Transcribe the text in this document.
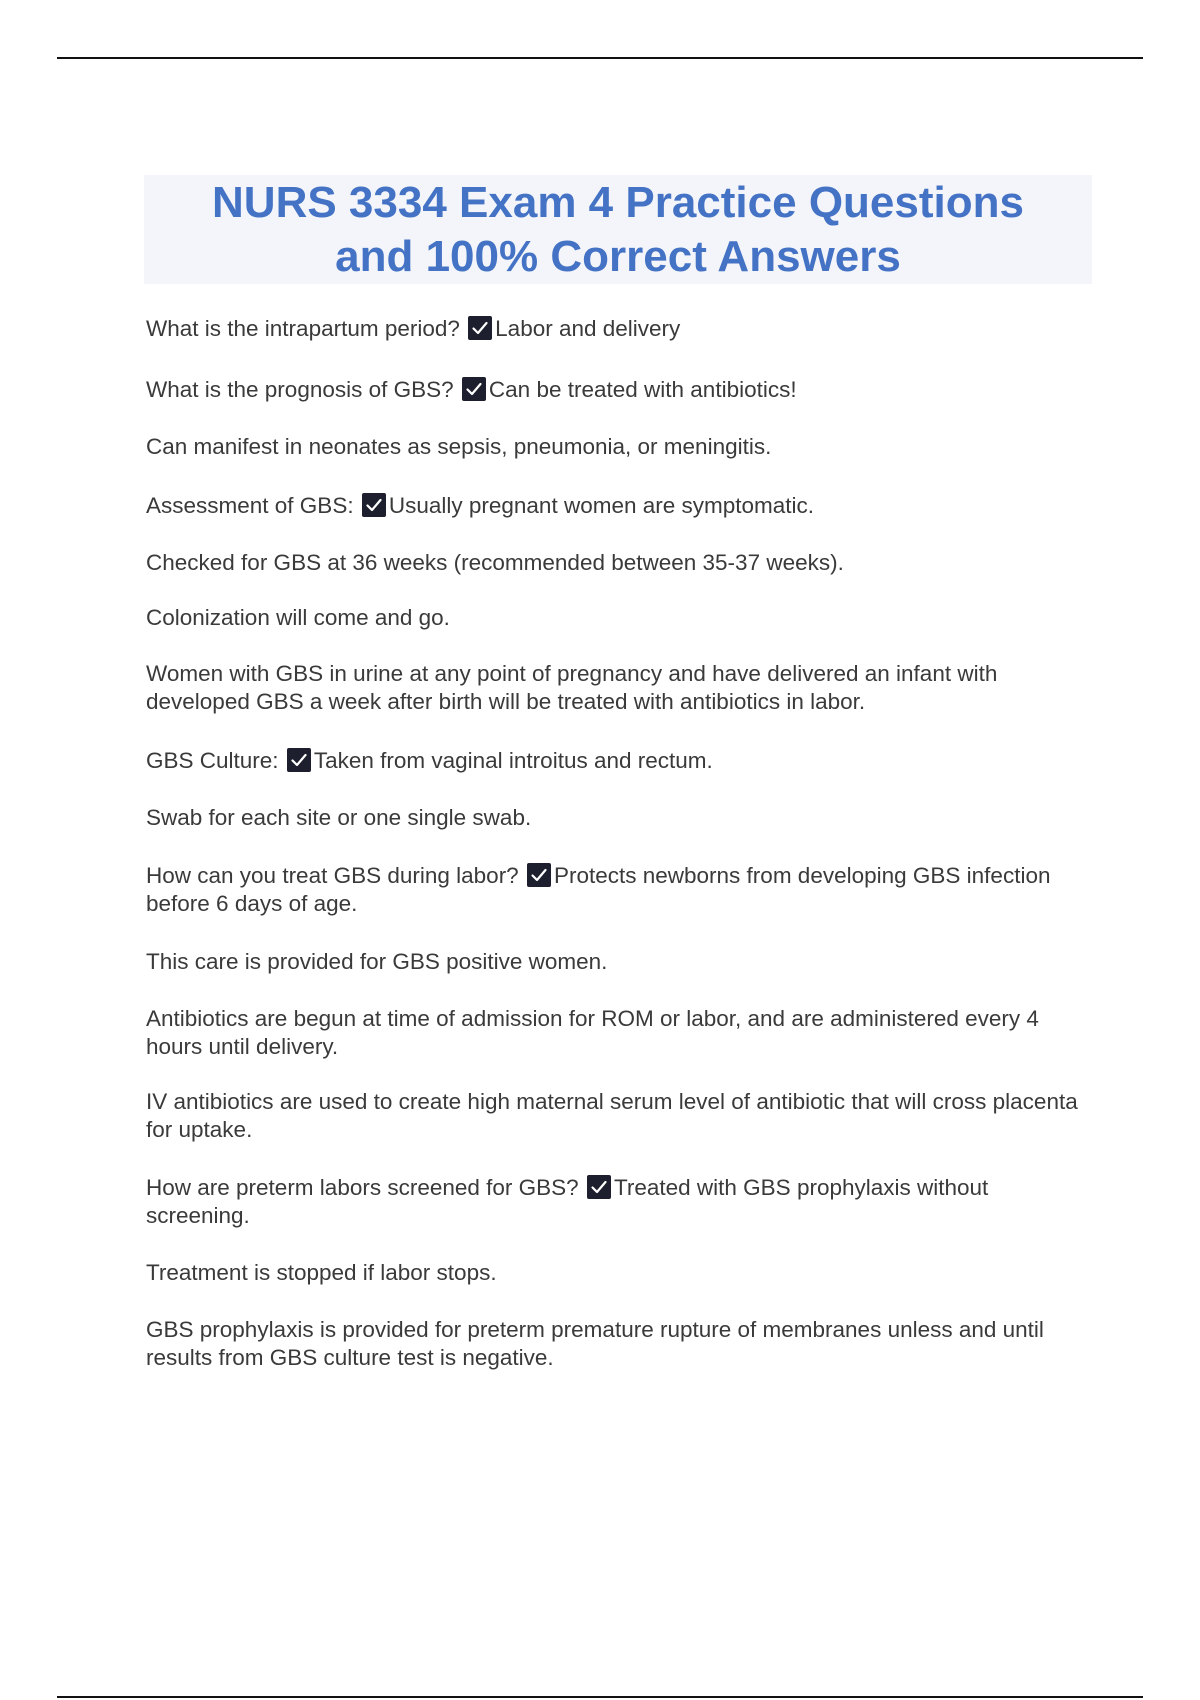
NURS 3334 Exam 4 Practice Questions
and 100% Correct Answers
What is the intrapartum period? Labor and delivery
What is the prognosis of GBS? Can be treated with antibiotics!
Can manifest in neonates as sepsis, pneumonia, or meningitis.
Assessment of GBS: Usually pregnant women are symptomatic.
Checked for GBS at 36 weeks (recommended between 35-37 weeks).
Colonization will come and go.
Women with GBS in urine at any point of pregnancy and have delivered an infant with developed GBS a week after birth will be treated with antibiotics in labor.
GBS Culture: Taken from vaginal introitus and rectum.
Swab for each site or one single swab.
How can you treat GBS during labor? Protects newborns from developing GBS infection before 6 days of age.
This care is provided for GBS positive women.
Antibiotics are begun at time of admission for ROM or labor, and are administered every 4 hours until delivery.
IV antibiotics are used to create high maternal serum level of antibiotic that will cross placenta for uptake.
How are preterm labors screened for GBS? Treated with GBS prophylaxis without screening.
Treatment is stopped if labor stops.
GBS prophylaxis is provided for preterm premature rupture of membranes unless and until results from GBS culture test is negative.
